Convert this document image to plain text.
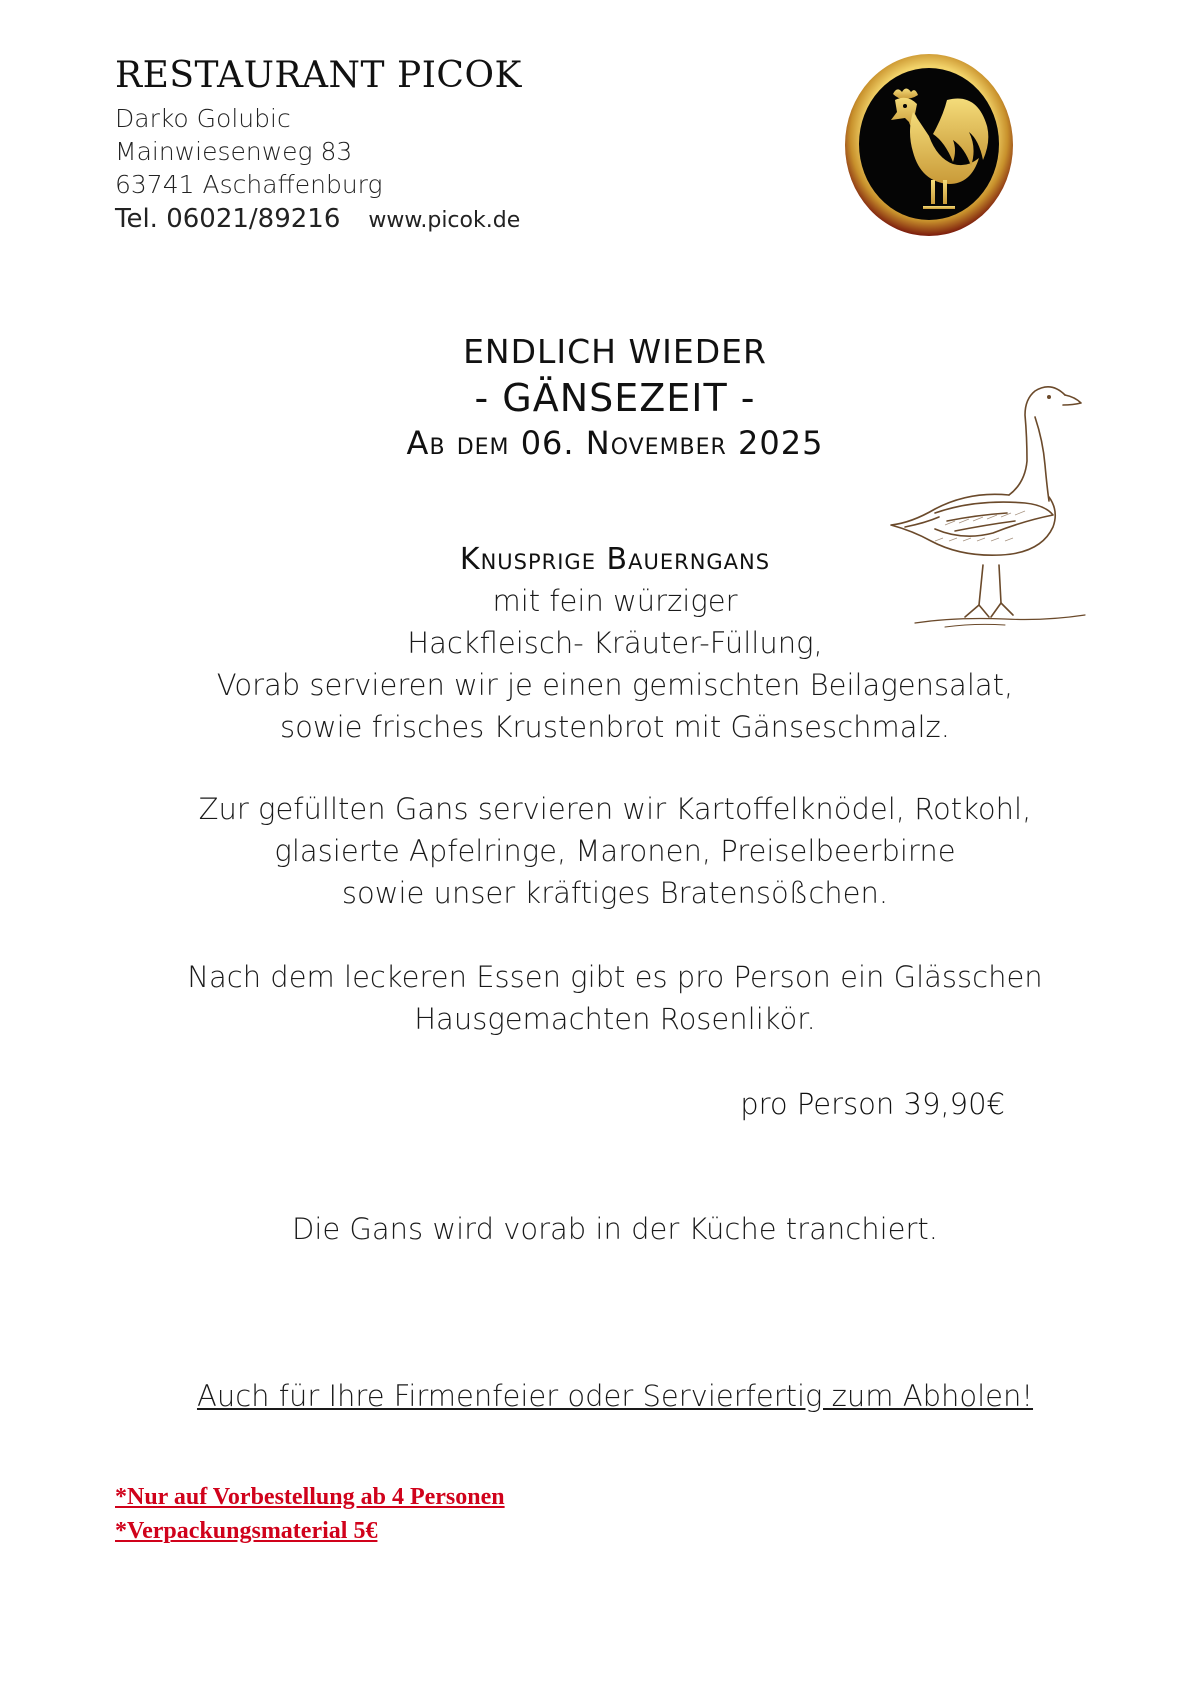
RESTAURANT PICOK
Darko Golubic
Mainwiesenweg 83
63741 Aschaffenburg
Tel. 06021/89216 www.picok.de
ENDLICH WIEDER
- GÄNSEZEIT -
Ab dem 06. November 2025
Knusprige Bauerngans
mit fein würziger
Hackfleisch- Kräuter-Füllung,
Vorab servieren wir je einen gemischten Beilagensalat,
sowie frisches Krustenbrot mit Gänseschmalz.
Zur gefüllten Gans servieren wir Kartoffelknödel, Rotkohl,
glasierte Apfelringe, Maronen, Preiselbeerbirne
sowie unser kräftiges Bratensößchen.
Nach dem leckeren Essen gibt es pro Person ein Glässchen
Hausgemachten Rosenlikör.
pro Person 39,90€
Die Gans wird vorab in der Küche tranchiert.
Auch für Ihre Firmenfeier oder Servierfertig zum Abholen!
*Nur auf Vorbestellung ab 4 Personen
*Verpackungsmaterial 5€
